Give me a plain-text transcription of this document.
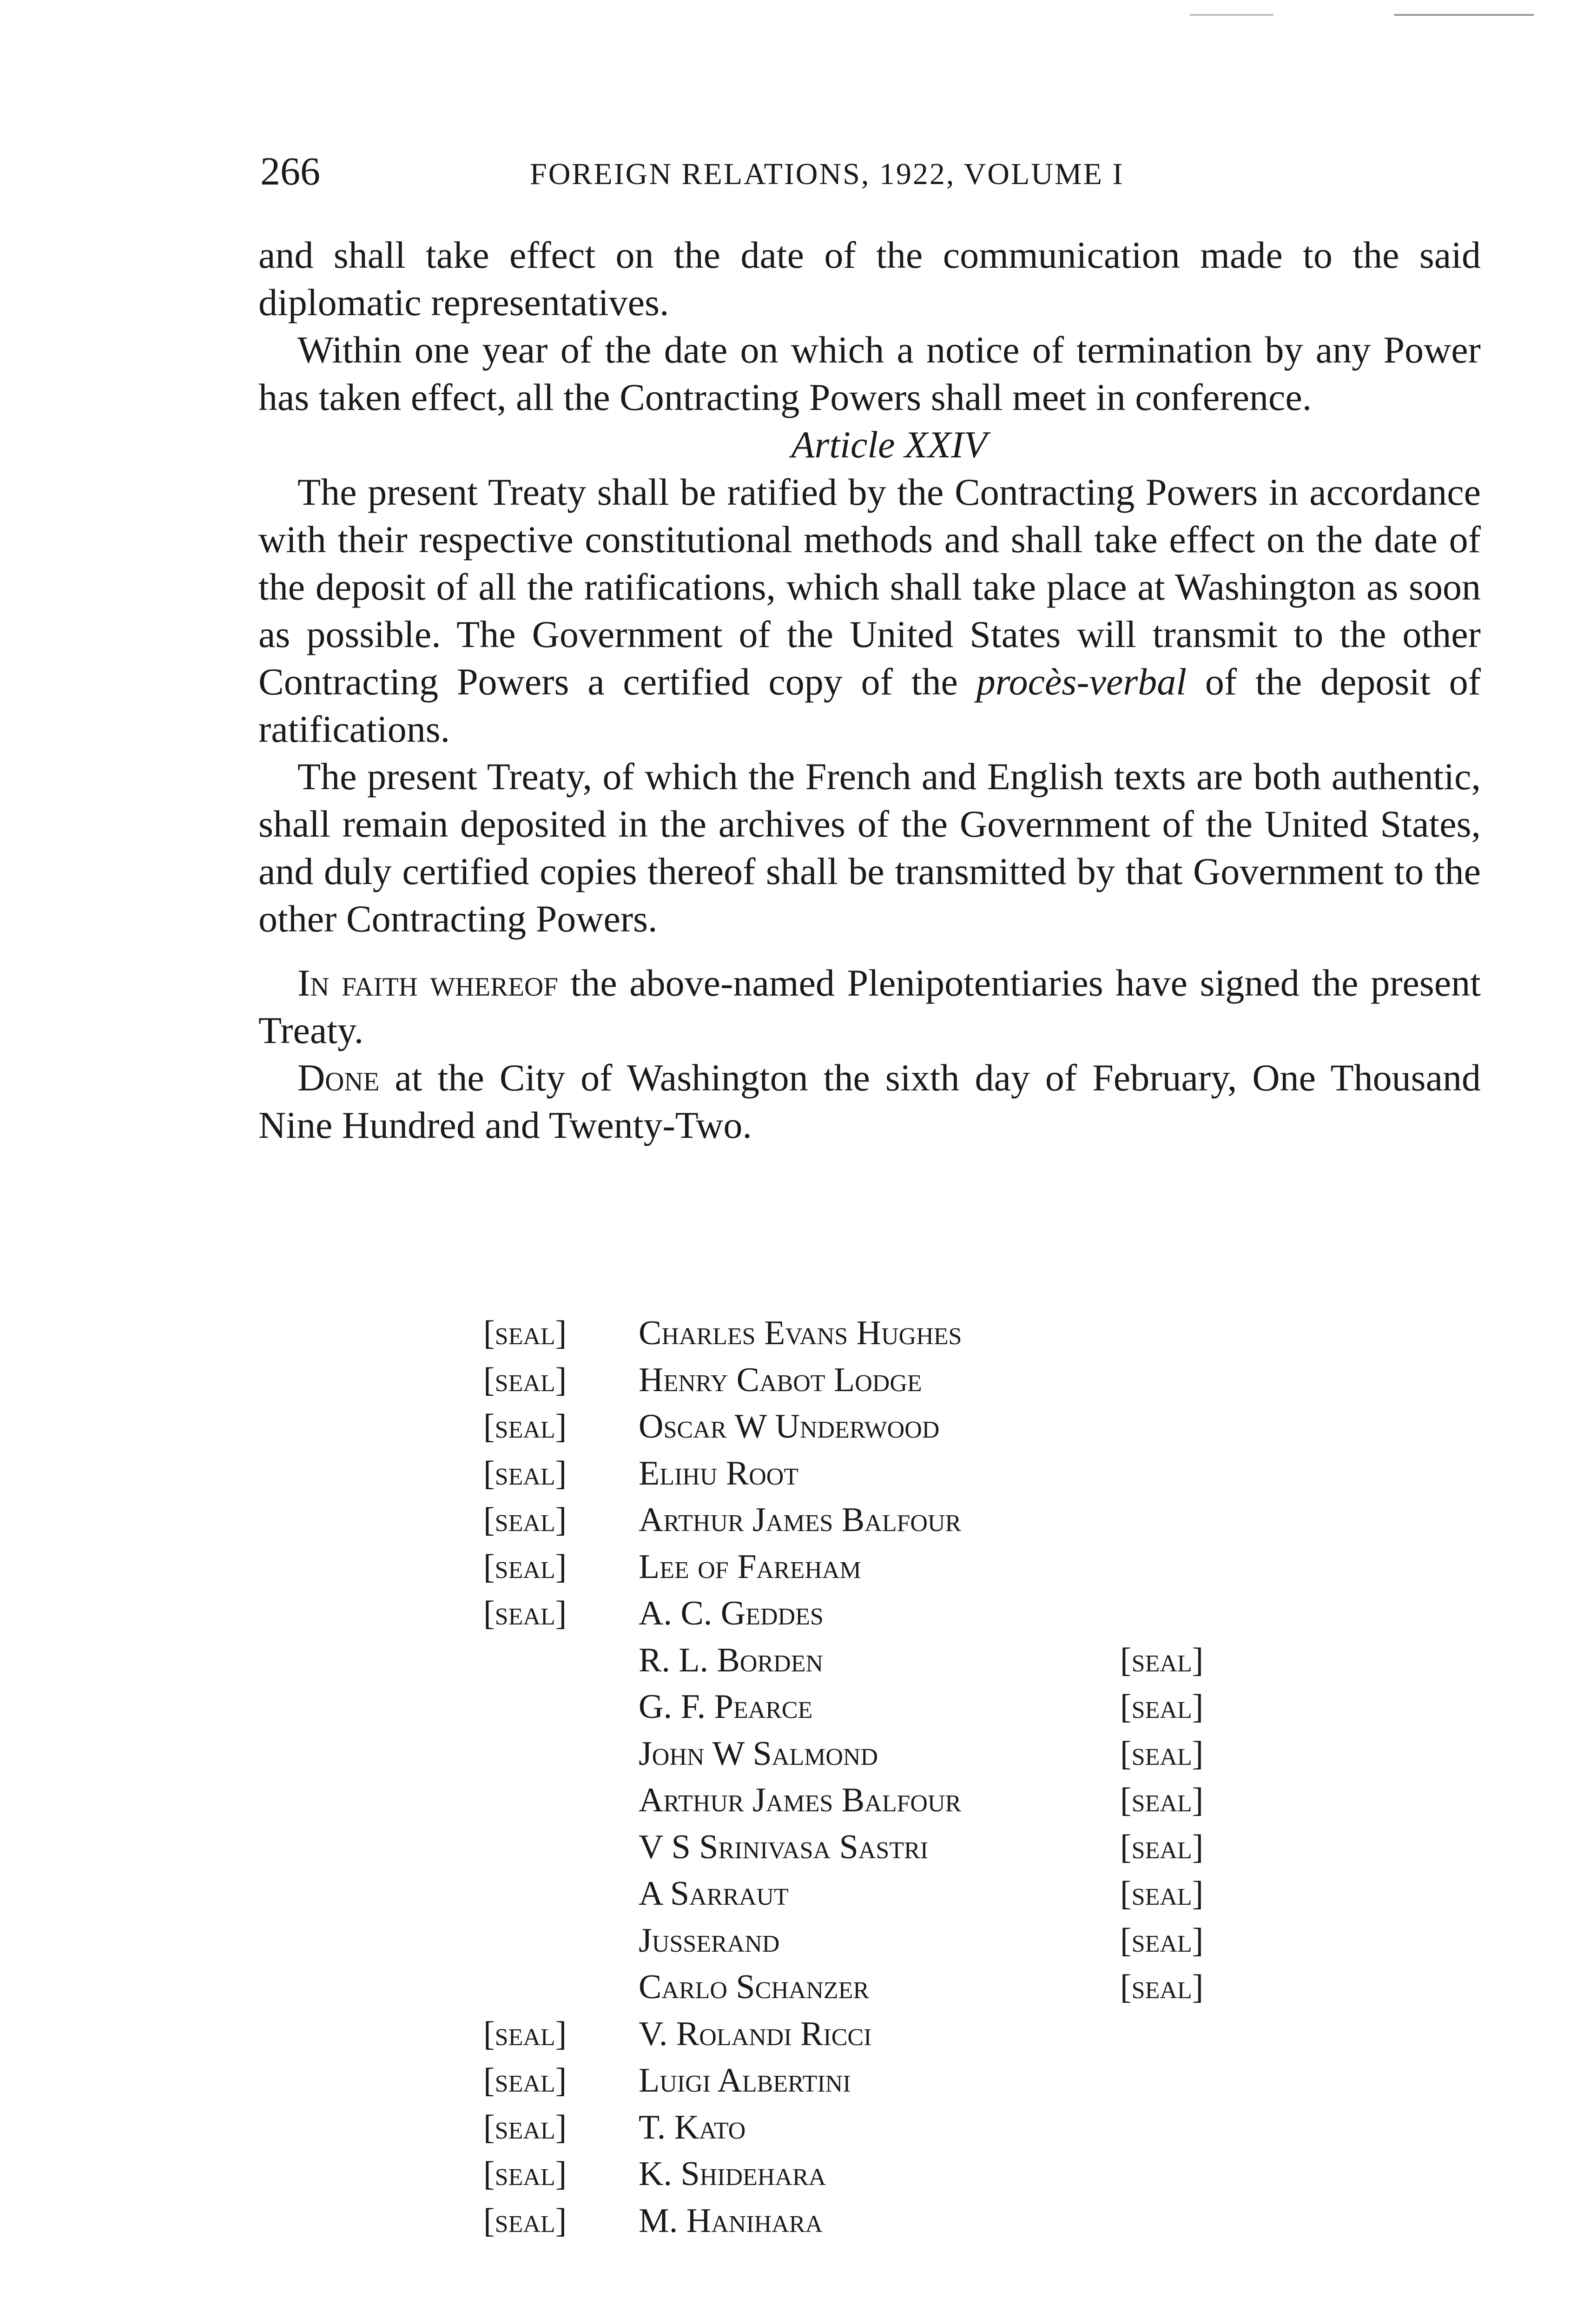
266	FOREIGN RELATIONS, 1922, VOLUME I

and shall take effect on the date of the communication made to the said diplomatic representatives.

Within one year of the date on which a notice of termination by any Power has taken effect, all the Contracting Powers shall meet in conference.

Article XXIV

The present Treaty shall be ratified by the Contracting Powers in accordance with their respective constitutional methods and shall take effect on the date of the deposit of all the ratifications, which shall take place at Washington as soon as possible. The Government of the United States will transmit to the other Contracting Powers a certified copy of the procès-verbal of the deposit of ratifications.

The present Treaty, of which the French and English texts are both authentic, shall remain deposited in the archives of the Government of the United States, and duly certified copies thereof shall be transmitted by that Government to the other Contracting Powers.

In faith whereof the above-named Plenipotentiaries have signed the present Treaty.

Done at the City of Washington the sixth day of February, One Thousand Nine Hundred and Twenty-Two.

[seal] Charles Evans Hughes
[seal] Henry Cabot Lodge
[seal] Oscar W Underwood
[seal] Elihu Root
[seal] Arthur James Balfour
[seal] Lee of Fareham
[seal] A. C. Geddes
[seal]
R. L. Borden
[seal]
G. F. Pearce
[seal]
John W Salmond
[seal]
Arthur James Balfour
[seal]
V S Srinivasa Sastri
[seal]
A Sarraut
[seal]
Jusserand
[seal]
Carlo Schanzer
[seal] V. Rolandi Ricci
[seal] Luigi Albertini
[seal] T. Kato
[seal] K. Shidehara
[seal] M. Hanihara
